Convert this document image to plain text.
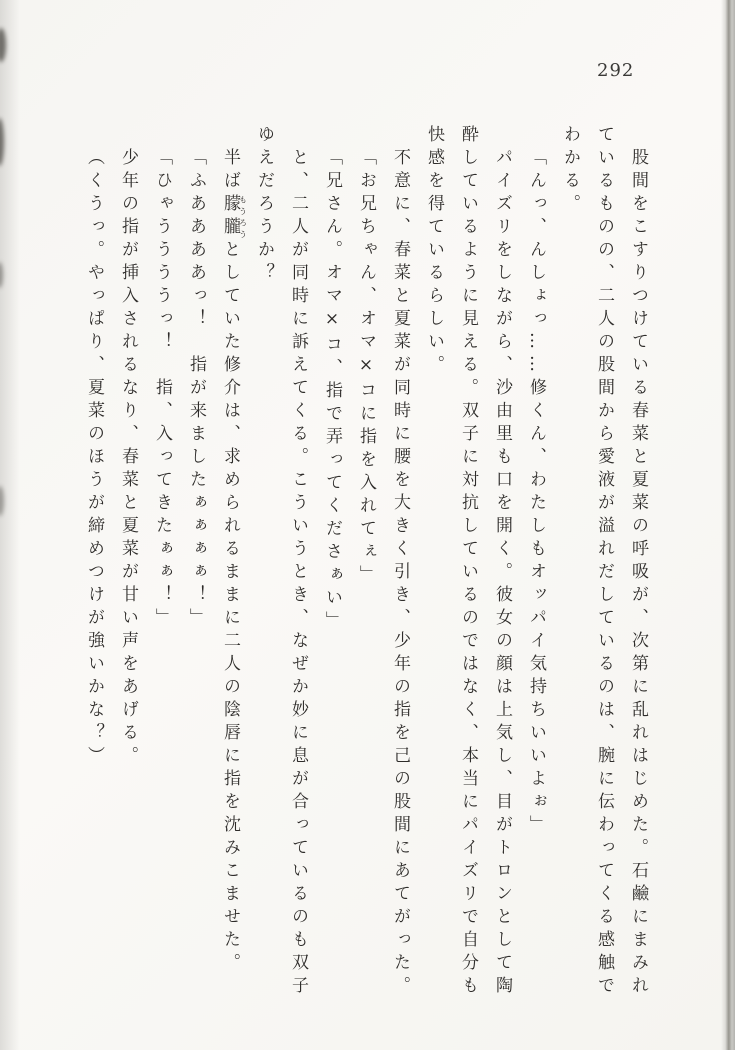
292
股間をこすりつけている春菜と夏菜の呼吸が、次第に乱れはじめた。石鹼にまみれ
ているものの、二人の股間から愛液が溢れだしているのは、腕に伝わってくる感触で
わかる。
「んっ、んしょっ……修くん、わたしもオッパイ気持ちいいよぉ」
パイズリをしながら、沙由里も口を開く。彼女の顔は上気し、目がトロンとして陶
酔しているように見える。双子に対抗しているのではなく、本当にパイズリで自分も
快感を得ているらしい。
不意に、春菜と夏菜が同時に腰を大きく引き、少年の指を己の股間にあてがった。
「お兄ちゃん、オマ×コに指を入れてぇ」
「兄さん。オマ×コ、指で弄ってくださぁい」
と、二人が同時に訴えてくる。こういうとき、なぜか妙に息が合っているのも双子
ゆえだろうか？
半ば朦朧もうろうとしていた修介は、求められるままに二人の陰唇に指を沈みこませた。
「ふああああっ！　指が来ましたぁぁぁぁ！」
「ひゃううううっ！　指、入ってきたぁぁ！」
少年の指が挿入されるなり、春菜と夏菜が甘い声をあげる。
（くうっ。やっぱり、夏菜のほうが締めつけが強いかな？）
